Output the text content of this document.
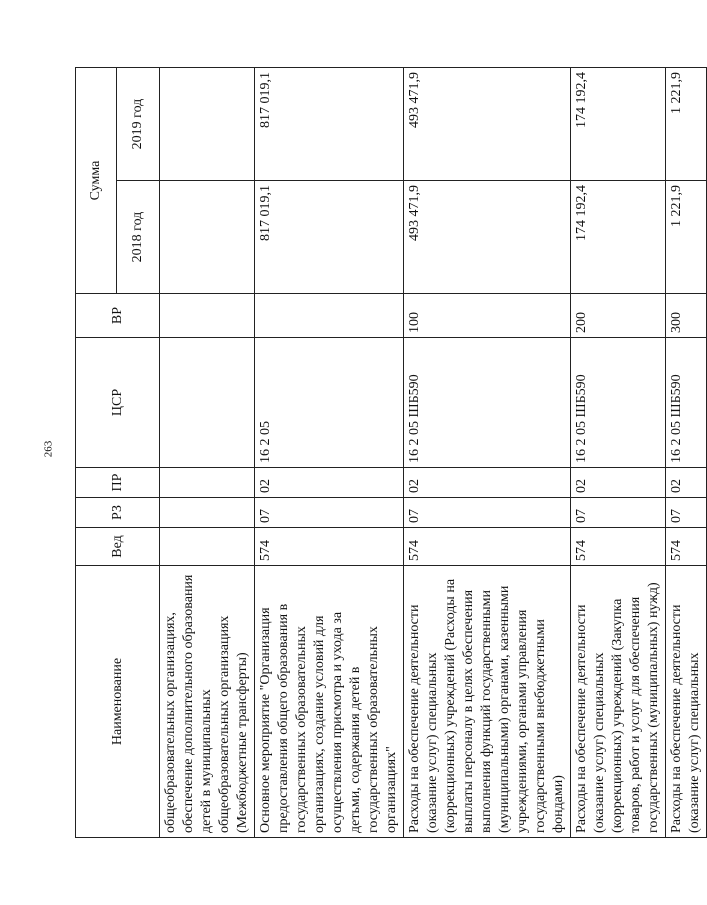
263
Наименование	Вед	РЗ	ПР	ЦСР	ВР	Сумма	
						2018 год	2019 год
общеобразовательных организациях, обеспечение дополнительного образования детей в муниципальных общеобразовательных организациях (Межбюджетные трансферты)							
Основное мероприятие "Организация предоставления общего образования в государственных образовательных организациях, создание условий для осуществления присмотра и ухода за детьми, содержания детей в государственных образовательных организациях"	574	07	02	16 2 05		817 019,1	817 019,1
Расходы на обеспечение деятельности (оказание услуг) специальных (коррекционных) учреждений (Расходы на выплаты персоналу в целях обеспечения выполнения функций государственными (муниципальными) органами, казенными учреждениями, органами управления государственными внебюджетными фондами)	574	07	02	16 2 05 ШБ590	100	493 471,9	493 471,9
Расходы на обеспечение деятельности (оказание услуг) специальных (коррекционных) учреждений (Закупка товаров, работ и услуг для обеспечения государственных (муниципальных) нужд)	574	07	02	16 2 05 ШБ590	200	174 192,4	174 192,4
Расходы на обеспечение деятельности (оказание услуг) специальных	574	07	02	16 2 05 ШБ590	300	1 221,9	1 221,9
